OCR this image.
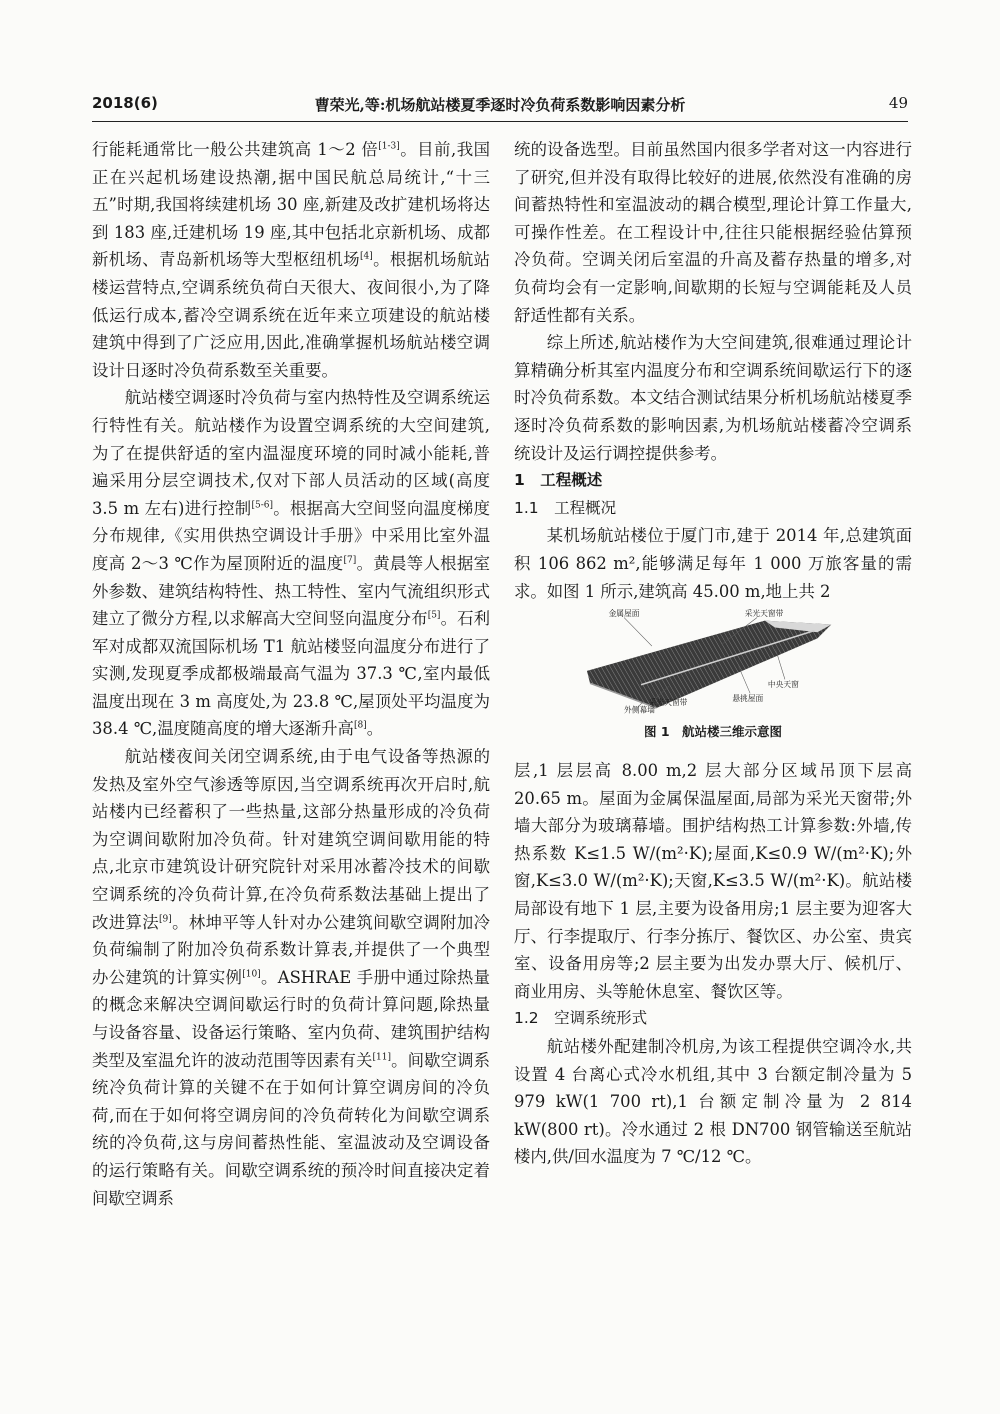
2018(6)	曹荣光,等:机场航站楼夏季逐时冷负荷系数影响因素分析	49

行能耗通常比一般公共建筑高 1～2 倍[1-3]。目前,我国正在兴起机场建设热潮,据中国民航总局统计,“十三五”时期,我国将续建机场 30 座,新建及改扩建机场将达到 183 座,迁建机场 19 座,其中包括北京新机场、成都新机场、青岛新机场等大型枢纽机场[4]。根据机场航站楼运营特点,空调系统负荷白天很大、夜间很小,为了降低运行成本,蓄冷空调系统在近年来立项建设的航站楼建筑中得到了广泛应用,因此,准确掌握机场航站楼空调设计日逐时冷负荷系数至关重要。

航站楼空调逐时冷负荷与室内热特性及空调系统运行特性有关。航站楼作为设置空调系统的大空间建筑,为了在提供舒适的室内温湿度环境的同时减小能耗,普遍采用分层空调技术,仅对下部人员活动的区域(高度 3.5 m 左右)进行控制[5-6]。根据高大空间竖向温度梯度分布规律,《实用供热空调设计手册》中采用比室外温度高 2～3 ℃作为屋顶附近的温度[7]。黄晨等人根据室外参数、建筑结构特性、热工特性、室内气流组织形式建立了微分方程,以求解高大空间竖向温度分布[5]。石利军对成都双流国际机场 T1 航站楼竖向温度分布进行了实测,发现夏季成都极端最高气温为 37.3 ℃,室内最低温度出现在 3 m 高度处,为 23.8 ℃,屋顶处平均温度为 38.4 ℃,温度随高度的增大逐渐升高[8]。

航站楼夜间关闭空调系统,由于电气设备等热源的发热及室外空气渗透等原因,当空调系统再次开启时,航站楼内已经蓄积了一些热量,这部分热量形成的冷负荷为空调间歇附加冷负荷。针对建筑空调间歇用能的特点,北京市建筑设计研究院针对采用冰蓄冷技术的间歇空调系统的冷负荷计算,在冷负荷系数法基础上提出了改进算法[9]。林坤平等人针对办公建筑间歇空调附加冷负荷编制了附加冷负荷系数计算表,并提供了一个典型办公建筑的计算实例[10]。ASHRAE 手册中通过除热量的概念来解决空调间歇运行时的负荷计算问题,除热量与设备容量、设备运行策略、室内负荷、建筑围护结构类型及室温允许的波动范围等因素有关[11]。间歇空调系统冷负荷计算的关键不在于如何计算空调房间的冷负荷,而在于如何将空调房间的冷负荷转化为间歇空调系统的冷负荷,这与房间蓄热性能、室温波动及空调设备的运行策略有关。间歇空调系统的预冷时间直接决定着间歇空调系

统的设备选型。目前虽然国内很多学者对这一内容进行了研究,但并没有取得比较好的进展,依然没有准确的房间蓄热特性和室温波动的耦合模型,理论计算工作量大,可操作性差。在工程设计中,往往只能根据经验估算预冷负荷。空调关闭后室温的升高及蓄存热量的增多,对负荷均会有一定影响,间歇期的长短与空调能耗及人员舒适性都有关系。

综上所述,航站楼作为大空间建筑,很难通过理论计算精确分析其室内温度分布和空调系统间歇运行下的逐时冷负荷系数。本文结合测试结果分析机场航站楼夏季逐时冷负荷系数的影响因素,为机场航站楼蓄冷空调系统设计及运行调控提供参考。

1　工程概述
1.1　工程概况

某机场航站楼位于厦门市,建于 2014 年,总建筑面积 106 862 m²,能够满足每年 1 000 万旅客量的需求。如图 1 所示,建筑高 45.00 m,地上共 2

金属屋面	采光天窗带
中央天窗
悬挑屋面
采光天窗带
外侧幕墙
图 1　航站楼三维示意图

层,1 层层高 8.00 m,2 层大部分区域吊顶下层高 20.65 m。屋面为金属保温屋面,局部为采光天窗带;外墙大部分为玻璃幕墙。围护结构热工计算参数:外墙,传热系数 K≤1.5 W/(m²·K);屋面,K≤0.9 W/(m²·K);外窗,K≤3.0 W/(m²·K);天窗,K≤3.5 W/(m²·K)。航站楼局部设有地下 1 层,主要为设备用房;1 层主要为迎客大厅、行李提取厅、行李分拣厅、餐饮区、办公室、贵宾室、设备用房等;2 层主要为出发办票大厅、候机厅、商业用房、头等舱休息室、餐饮区等。

1.2　空调系统形式

航站楼外配建制冷机房,为该工程提供空调冷水,共设置 4 台离心式冷水机组,其中 3 台额定制冷量为 5 979 kW(1 700 rt),1 台额定制冷量为 2 814 kW(800 rt)。冷水通过 2 根 DN700 钢管输送至航站楼内,供/回水温度为 7 ℃/12 ℃。
